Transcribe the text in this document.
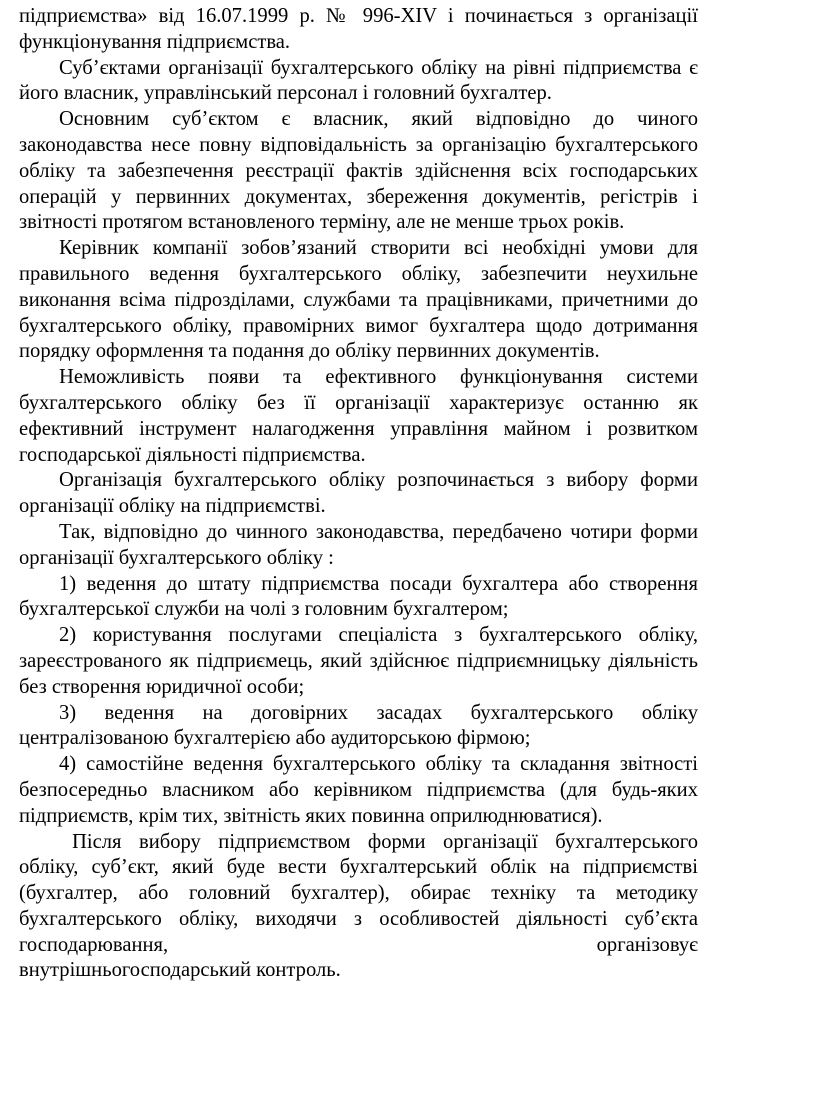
підприємства» від 16.07.1999 р. № 996-XIV і починається з організації функціонування підприємства.

Суб’єктами організації бухгалтерського обліку на рівні підприємства є його власник, управлінський персонал і головний бухгалтер.

Основним суб’єктом є власник, який відповідно до чиного законодавства несе повну відповідальність за організацію бухгалтерського обліку та забезпечення реєстрації фактів здійснення всіх господарських операцій у первинних документах, збереження документів, регістрів і звітності протягом встановленого терміну, але не менше трьох років.

Керівник компанії зобов’язаний створити всі необхідні умови для правильного ведення бухгалтерського обліку, забезпечити неухильне виконання всіма підрозділами, службами та працівниками, причетними до бухгалтерського обліку, правомірних вимог бухгалтера щодо дотримання порядку оформлення та подання до обліку первинних документів.

Неможливість появи та ефективного функціонування системи бухгалтерського обліку без її організації характеризує останню як ефективний інструмент налагодження управління майном і розвитком господарської діяльності підприємства.

Організація бухгалтерського обліку розпочинається з вибору форми організації обліку на підприємстві.

Так, відповідно до чинного законодавства, передбачено чотири форми організації бухгалтерського обліку :

1) ведення до штату підприємства посади бухгалтера або створення бухгалтерської служби на чолі з головним бухгалтером;

2) користування послугами спеціаліста з бухгалтерського обліку, зареєстрованого як підприємець, який здійснює підприємницьку діяльність без створення юридичної особи;

3) ведення на договірних засадах бухгалтерського обліку централізованою бухгалтерією або аудиторською фірмою;

4) самостійне ведення бухгалтерського обліку та складання звітності безпосередньо власником або керівником підприємства (для будь-яких підприємств, крім тих, звітність яких повинна оприлюднюватися).

Після вибору підприємством форми організації бухгалтерського обліку, суб’єкт, який буде вести бухгалтерський облік на підприємстві (бухгалтер, або головний бухгалтер), обирає техніку та методику бухгалтерського обліку, виходячи з особливостей діяльності суб’єкта господарювання, організовує

внутрішньогосподарський контроль.
